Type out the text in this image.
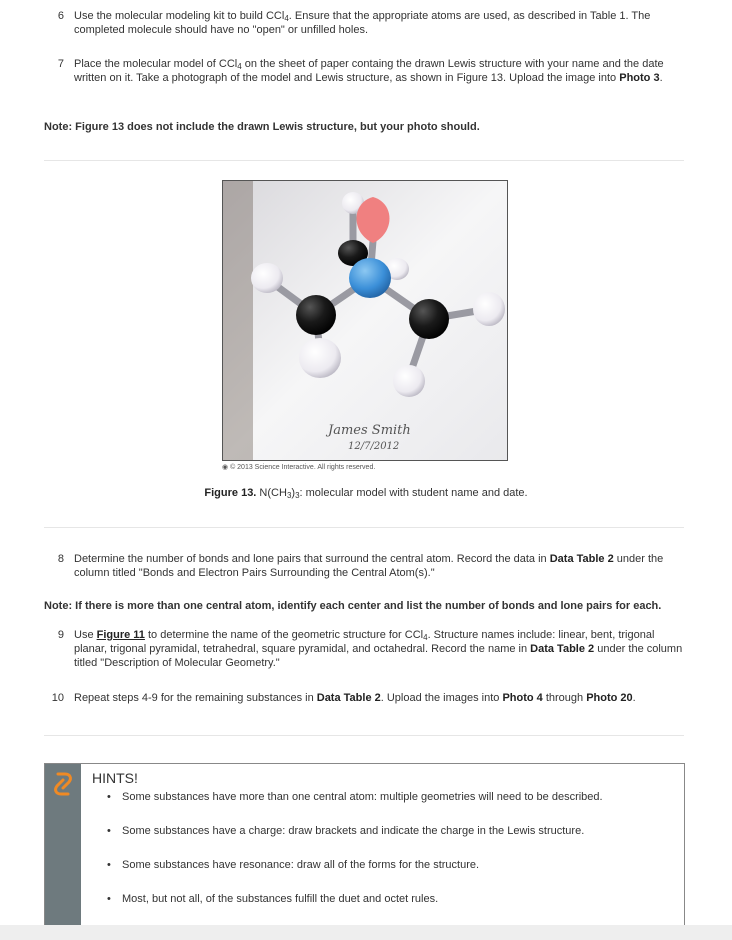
6 Use the molecular modeling kit to build CCl$_4$. Ensure that the appropriate atoms are used, as described in Table 1. The completed molecule should have no "open" or unfilled holes.
7 Place the molecular model of CCl$_4$ on the sheet of paper containg the drawn Lewis structure with your name and the date written on it. Take a photograph of the model and Lewis structure, as shown in Figure 13. Upload the image into Photo 3.
Note: Figure 13 does not include the drawn Lewis structure, but your photo should.
James Smith
12/7/2012
◉ © 2013 Science Interactive. All rights reserved.
Figure 13. $N(CH_3)_3$: molecular model with student name and date.
8 Determine the number of bonds and lone pairs that surround the central atom. Record the data in Data Table 2 under the column titled "Bonds and Electron Pairs Surrounding the Central Atom(s)."
Note: If there is more than one central atom, identify each center and list the number of bonds and lone pairs for each.
9 Use Figure 11 to determine the name of the geometric structure for CCl$_4$. Structure names include: linear, bent, trigonal planar, trigonal pyramidal, tetrahedral, square pyramidal, and octahedral. Record the name in Data Table 2 under the column titled "Description of Molecular Geometry."
10 Repeat steps 4-9 for the remaining substances in Data Table 2. Upload the images into Photo 4 through Photo 20.
HINTS!
• Some substances have more than one central atom: multiple geometries will need to be described.
• Some substances have a charge: draw brackets and indicate the charge in the Lewis structure.
• Some substances have resonance: draw all of the forms for the structure.
• Most, but not all, of the substances fulfill the duet and octet rules.
